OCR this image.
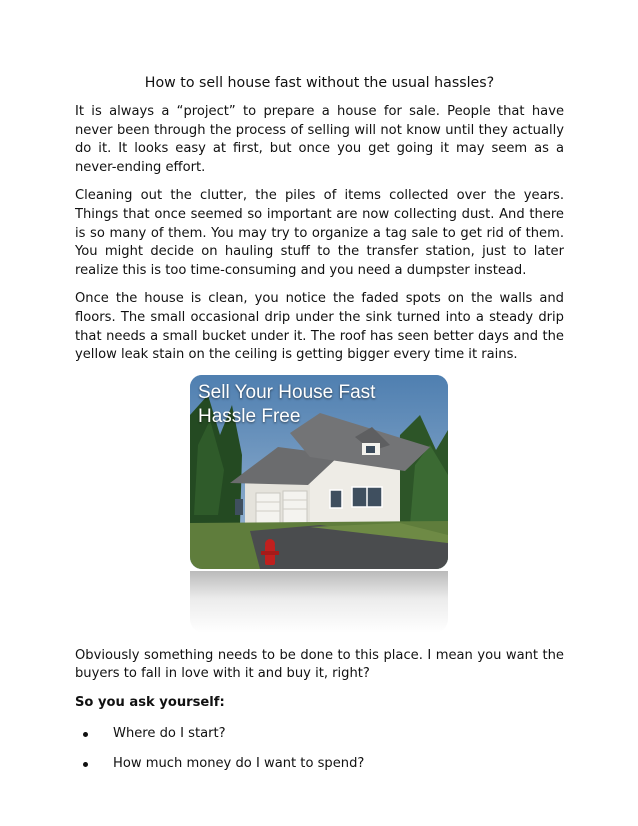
How to sell house fast without the usual hassles?

It is always a “project” to prepare a house for sale. People that have never been through the process of selling will not know until they actually do it. It looks easy at first, but once you get going it may seem as a never-ending effort.

Cleaning out the clutter, the piles of items collected over the years. Things that once seemed so important are now collecting dust. And there is so many of them. You may try to organize a tag sale to get rid of them. You might decide on hauling stuff to the transfer station, just to later realize this is too time-consuming and you need a dumpster instead.

Once the house is clean, you notice the faded spots on the walls and floors. The small occasional drip under the sink turned into a steady drip that needs a small bucket under it. The roof has seen better days and the yellow leak stain on the ceiling is getting bigger every time it rains.

Sell Your House Fast
Hassle Free

Obviously something needs to be done to this place. I mean you want the buyers to fall in love with it and buy it, right?

So you ask yourself:

Where do I start?
How much money do I want to spend?
